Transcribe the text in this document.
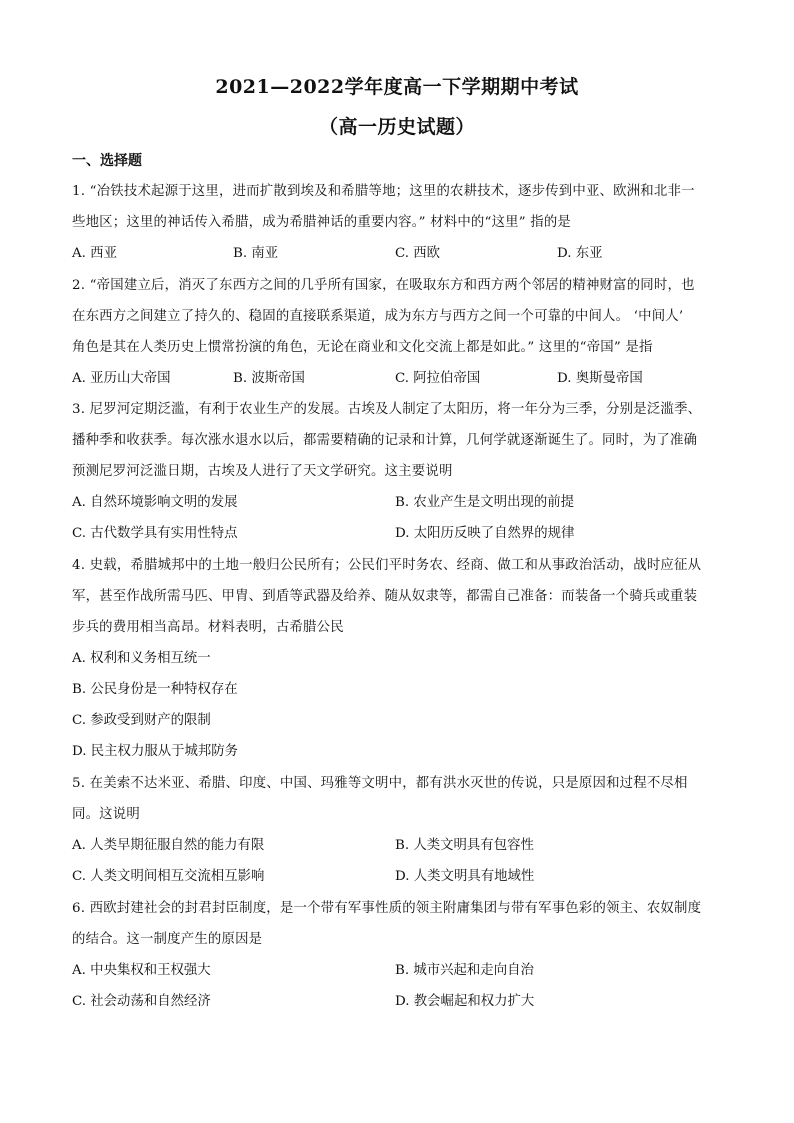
2021—2022学年度高一下学期期中考试
（高一历史试题）
一、选择题
1. “冶铁技术起源于这里，进而扩散到埃及和希腊等地；这里的农耕技术，逐步传到中亚、欧洲和北非一
些地区；这里的神话传入希腊，成为希腊神话的重要内容。” 材料中的“这里” 指的是
A. 西亚	B. 南亚	C. 西欧	D. 东亚
2. “帝国建立后，消灭了东西方之间的几乎所有国家，在吸取东方和西方两个邻居的精神财富的同时，也
在东西方之间建立了持久的、稳固的直接联系渠道，成为东方与西方之间一个可靠的中间人。 ‘中间人’
角色是其在人类历史上惯常扮演的角色，无论在商业和文化交流上都是如此。” 这里的“帝国” 是指
A. 亚历山大帝国	B. 波斯帝国	C. 阿拉伯帝国	D. 奥斯曼帝国
3. 尼罗河定期泛滥，有利于农业生产的发展。古埃及人制定了太阳历，将一年分为三季，分别是泛滥季、
播种季和收获季。每次涨水退水以后，都需要精确的记录和计算，几何学就逐渐诞生了。同时，为了准确
预测尼罗河泛滥日期，古埃及人进行了天文学研究。这主要说明
A. 自然环境影响文明的发展	B. 农业产生是文明出现的前提
C. 古代数学具有实用性特点	D. 太阳历反映了自然界的规律
4. 史载，希腊城邦中的土地一般归公民所有；公民们平时务农、经商、做工和从事政治活动，战时应征从
军，甚至作战所需马匹、甲胄、到盾等武器及给养、随从奴隶等，都需自己准备：而装备一个骑兵或重装
步兵的费用相当高昂。材料表明，古希腊公民
A. 权利和义务相互统一
B. 公民身份是一种特权存在
C. 参政受到财产的限制
D. 民主权力服从于城邦防务
5. 在美索不达米亚、希腊、印度、中国、玛雅等文明中，都有洪水灭世的传说，只是原因和过程不尽相
同。这说明
A. 人类早期征服自然的能力有限	B. 人类文明具有包容性
C. 人类文明间相互交流相互影响	D. 人类文明具有地域性
6. 西欧封建社会的封君封臣制度，是一个带有军事性质的领主附庸集团与带有军事色彩的领主、农奴制度
的结合。这一制度产生的原因是
A. 中央集权和王权强大	B. 城市兴起和走向自治
C. 社会动荡和自然经济	D. 教会崛起和权力扩大
